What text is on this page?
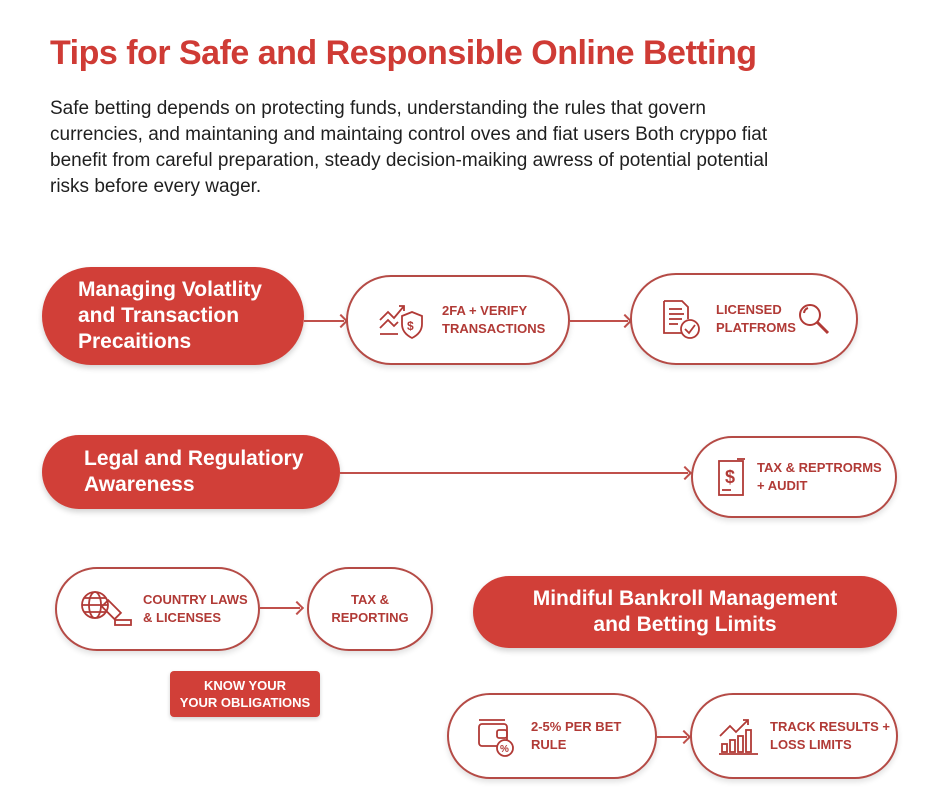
Tips for Safe and Responsible Online Betting

Safe betting depends on protecting funds, understanding the rules that govern
currencies, and maintaning and maintaing control oves and fiat users Both cryppo fiat
benefit from careful preparation, steady decision-maiking awress of potential potential
risks before every wager.

Managing Volatlity
and Transaction
Precaitions
$
2FA + VERIFY
TRANSACTIONS
LICENSED
PLATFROMS
Legal and Regulatiory
Awareness	$ TAX & REPTRORMS
+ AUDIT
COUNTRY LAWS
& LICENSES
TAX &
REPORTING
KNOW YOUR
YOUR OBLIGATIONS
Mindiful Bankroll Management
and Betting Limits
%
2-5% PER BET
RULE
TRACK RESULTS +
LOSS LIMITS
